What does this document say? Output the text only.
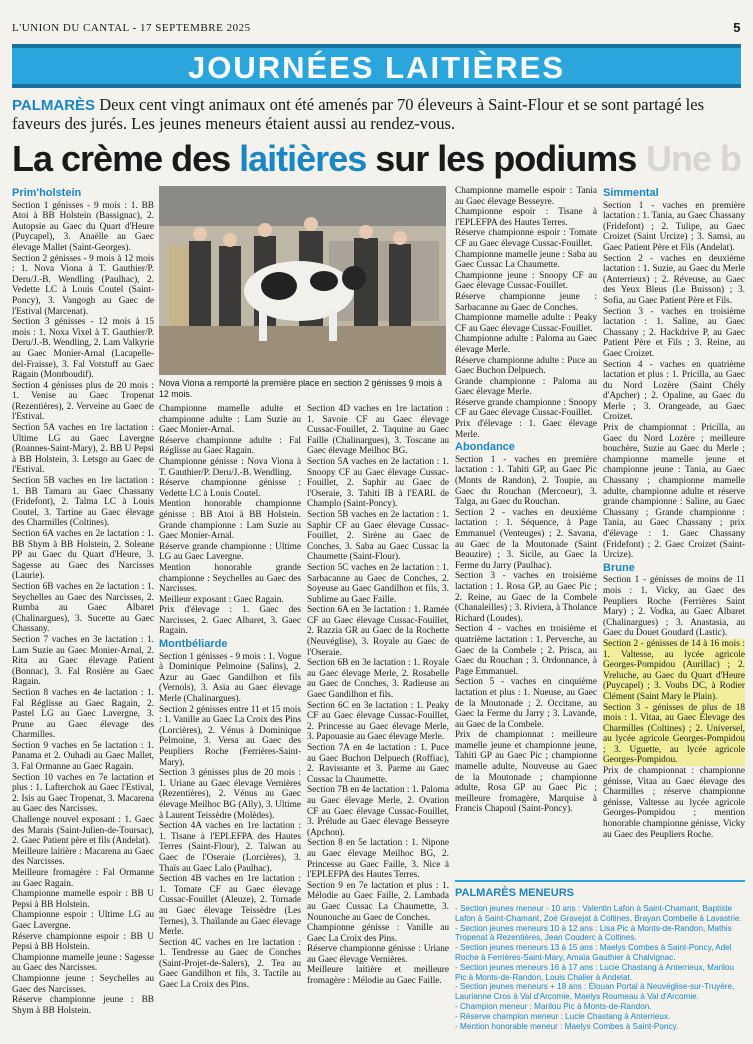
L'UNION DU CANTAL - 17 SEPTEMBRE 2025	5
JOURNÉES LAITIÈRES
PALMARÈS Deux cent vingt animaux ont été amenés par 70 éleveurs à Saint-Flour et se sont partagé les faveurs des jurés. Les jeunes meneurs étaient aussi au rendez-vous.
La crème des laitières sur les podiums Une b
Prim'holstein

Section 1 génisses - 9 mois : 1. BB Atoi à BB Holstein (Bassignac), 2. Autopsie au Gaec du Quart d'Heure (Puycapel), 3. Anaëlle au Gaec élevage Mallet (Saint-Georges).

Section 2 génisses - 9 mois à 12 mois : 1. Nova Viona à T. Gauthier/P. Deru/J.-B. Wendling (Paulhac), 2. Vedette LC à Louis Coutel (Saint-Poncy), 3. Vangogh au Gaec de l'Estival (Marcenat).

Section 3 génisses - 12 mois à 15 mois : 1. Noxa Vixel à T. Gauthier/P. Deru/J.-B. Wendling, 2. Lam Valkyrie au Gaec Monier-Arnal (Lacapelle-del-Fraisse), 3. Fal Votstuff au Gaec Ragain (Montboudif).

Section 4 génisses plus de 20 mois : 1. Venise au Gaec Tropenat (Rezentières), 2. Verveine au Gaec de l'Estival.

Section 5A vaches en 1re lactation : Ultime LG au Gaec Lavergne (Roannes-Saint-Mary), 2. BB U Pepsi à BB Holstein, 3. Letsgo au Gaec de l'Estival.

Section 5B vaches en 1re lactation : 1. BB Tamara au Gaec Chassany (Fridefont), 2. Talma LC à Louis Coutel, 3. Tartine au Gaec élevage des Charmilles (Coltines).

Section 6A vaches en 2e lactation : 1. BB Shym à BB Holstein, 2. Soleane PP au Gaec du Quart d'Heure, 3. Sagesse au Gaec des Narcisses (Laurie).

Section 6B vaches en 2e lactation : 1. Seychelles au Gaec des Narcisses, 2. Rumba au Gaec Albaret (Chalinargues), 3. Sucette au Gaec Chassany.

Section 7 vaches en 3e lactation : 1. Lam Suzie au Gaec Monier-Arnal, 2. Rita au Gaec élevage Patient (Bonnac), 3. Fal Rosière au Gaec Ragain.

Section 8 vaches en 4e lactation : 1. Fal Réglisse au Gaec Ragain, 2. Pastel LG au Gaec Lavergne, 3. Prune au Gaec élevage des Charmilles.

Section 9 vaches en 5e lactation : 1. Panama et 2. Ouhadi au Gaec Mallet, 3. Fal Ormanne au Gaec Ragain.

Section 10 vaches en 7e lactation et plus : 1. Lafterchok au Gaec l'Estival, 2. Isis au Gaec Tropenat, 3. Macarena au Gaec des Narcisses.

Challenge nouvel exposant : 1. Gaec des Marais (Saint-Julien-de-Toursac), 2. Gaec Patient père et fils (Andelat).

Meilleure laitière : Macarena au Gaec des Narcisses.

Meilleure fromagère : Fal Ormanne au Gaec Ragain.

Championne mamelle espoir : BB U Pepsi à BB Holstein.

Championne espoir : Ultime LG au Gaec Lavergne.

Réserve championne espoir : BB U Pepsi à BB Holstein.

Championne mamelle jeune : Sagesse au Gaec des Narcisses.

Championne jeune : Seychelles au Gaec des Narcisses.

Réserve championne jeune : BB Shym à BB Holstein.

Nova Viona a remporté la première place en section 2 génisses 9 mois à 12 mois.

Championne mamelle adulte et championne adulte : Lam Suzie au Gaec Monier-Arnal.

Réserve championne adulte : Fal Réglisse au Gaec Ragain.

Championne génisse : Nova Viona à T. Gauthier/P. Deru/J.-B. Wendling.

Réserve championne génisse : Vedette LC à Louis Coutel.

Mention honorable championne génisse : BB Atoi à BB Holstein. Grande championne : Lam Suzie au Gaec Monier-Arnal.

Réserve grande championne : Ultime LG au Gaec Lavergne.

Mention honorable grande championne : Seychelles au Gaec des Narcisses.

Meilleur exposant : Gaec Ragain.

Prix d'élevage : 1. Gaec des Narcisses, 2. Gaec Albaret, 3. Gaec Ragain.

Montbéliarde

Section 1 génisses - 9 mois : 1. Vogue à Dominique Pelmoine (Salins), 2. Azur au Gaec Gandilhon et fils (Vernols), 3. Asia au Gaec élevage Merle (Chalinargues).

Section 2 génisses entre 11 et 15 mois : 1. Vanille au Gaec La Croix des Pins (Lorcières), 2. Vénus à Dominique Pelmoine, 3. Versa au Gaec des Peupliers Roche (Ferrières-Saint-Mary).

Section 3 génisses plus de 20 mois : 1. Uriane au Gaec élevage Vernières (Rezentières), 2. Vénus au Gaec élevage Meilhoc BG (Ally), 3. Ultime à Laurent Teissèdre (Molèdes).

Section 4A vaches en 1re lactation : 1. Tisane à l'EPLEFPA des Hautes Terres (Saint-Flour), 2. Taïwan au Gaec de l'Oseraie (Lorcières), 3. Thaïs au Gaec Lalo (Paulhac).

Section 4B vaches en 1re lactation : 1. Tomate CF au Gaec élevage Cussac-Fouillet (Aleuze), 2. Tornade au Gaec élevage Teissèdre (Les Ternes), 3. Thaïlande au Gaec élevage Merle.

Section 4C vaches en 1re lactation : 1. Tendresse au Gaec de Conches (Saint-Projet-de-Salers), 2. Tea au Gaec Gandilhon et fils, 3. Tactile au Gaec La Croix des Pins.

Section 4D vaches en 1re lactation : 1. Savoie CF au Gaec élevage Cussac-Fouillet, 2. Taquine au Gaec Faille (Chalinargues), 3. Toscane au Gaec élevage Meilhoc BG.

Section 5A vaches en 2e lactation : 1. Snoopy CF au Gaec élevage Cussac-Fouillet, 2. Saphir au Gaec de l'Oseraie, 3. Tahiti IB à l'EARL de Champlo (Saint-Poncy).

Section 5B vaches en 2e lactation : 1. Saphir CF au Gaec élevage Cussac-Fouillet, 2. Sirène au Gaec de Conches, 3. Saba au Gaec Cussac la Chaumette (Saint-Flour).

Section 5C vaches en 2e lactation : 1. Sarbacanne au Gaec de Conches, 2. Soyeuse au Gaec Gandilhon et fils, 3. Sublime au Gaec Faille.

Section 6A en 3e lactation : 1. Ramée CF au Gaec élevage Cussac-Fouillet, 2. Razzia GR au Gaec de la Rochette (Neuvéglise), 3. Royale au Gaec de l'Oseraie.

Section 6B en 3e lactation : 1. Royale au Gaec élevage Merle, 2. Rosabelle au Gaec de Conches, 3. Radieuse au Gaec Gandilhon et fils.

Section 6C en 3e lactation : 1. Peaky CF au Gaec élevage Cussac-Fouillet, 2. Princesse au Gaec élevage Merle, 3. Papouasie au Gaec élevage Merle.

Section 7A en 4e lactation : 1. Puce au Gaec Buchon Delpuech (Roffiac), 2. Ravissante et 3. Parme au Gaec Cussac la Chaumette.

Section 7B en 4e lactation : 1. Paloma au Gaec élevage Merle, 2. Ovation CF au Gaec élevage Cussac-Fouillet, 3. Prélude au Gaec élevage Besseyre (Apchon).

Section 8 en 5e lactation : 1. Nipone au Gaec élevage Meilhoc BG, 2. Princesse au Gaec Faille, 3. Nice à l'EPLEFPA des Hautes Terres.

Section 9 en 7e lactation et plus : 1. Mélodie au Gaec Faille, 2. Lambada au Gaec Cussac La Chaumette, 3. Nounouche au Gaec de Conches.

Championne génisse : Vanille au Gaec La Croix des Pins.

Réserve championne génisse : Uriane au Gaec élevage Vernières.

Meilleure laitière et meilleure fromagère : Mélodie au Gaec Faille.

Championne mamelle espoir : Tania au Gaec élevage Besseyre.

Championne espoir : Tisane à l'EPLEFPA des Hautes Terres.

Réserve championne espoir : Tomate CF au Gaec élevage Cussac-Fouillet.

Championne mamelle jeune : Saba au Gaec Cussac La Chaumette.

Championne jeune : Snoopy CF au Gaec élevage Cussac-Fouillet.

Réserve championne jeune : Sarbacanne au Gaec de Conches.

Championne mamelle adulte : Peaky CF au Gaec élevage Cussac-Fouillet.

Championne adulte : Paloma au Gaec élevage Merle.

Réserve championne adulte : Puce au Gaec Buchon Delpuech.

Grande championne : Paloma au Gaec élevage Merle.

Réserve grande championne : Snoopy CF au Gaec élevage Cussac-Fouillet.

Prix d'élevage : 1. Gaec élevage Merle.

Abondance

Section 1 - vaches en première lactation : 1. Tahiti GP, au Gaec Pic (Monts de Randon), 2. Toupie, au Gaec du Rouchan (Mercoeur), 3. Talga, au Gaec du Rouchan.

Section 2 - vaches en deuxième lactation : 1. Séquence, à Page Emmanuel (Venteuges) ; 2. Savana, au Gaec de la Moutonade (Saint Beauzire) ; 3. Sicile, au Gaec la Ferme du Jarry (Paulhac).

Section 3 - vaches en troisième lactation : 1. Rosa GP, au Gaec Pic ; 2. Reine, au Gaec de la Combele (Chanaleilles) ; 3. Riviera, à Tholance Richard (Loudes).

Section 4 - vaches en troisième et quatrième lactation : 1. Perverche, au Gaec de la Combele ; 2. Prisca, au Gaec du Rouchan ; 3. Ordonnance, à Page Emmanuel.

Section 5 - vaches en cinquième lactation et plus : 1. Nueuse, au Gaec de la Moutonade ; 2. Occitane, au Gaec la Ferme du Jarry ; 3. Lavande, au Gaec de la Combele.

Prix de championnat : meilleure mamelle jeune et championne jeune, Tahiti GP au Gaec Pic ; championne mamelle adulte, Nouveuse au Gaec de la Moutonade ; championne adulte, Rosa GP au Gaec Pic ; meilleure fromagère, Marquise à Francis Chapoul (Saint-Poncy).

Simmental

Section 1 - vaches en première lactation : 1. Tania, au Gaec Chassany (Fridefont) ; 2. Tulipe, au Gaec Croizet (Saint Urcize) ; 3. Samsi, au Gaec Patient Père et Fils (Andelat).

Section 2 - vaches en deuxième lactation : 1. Suzie, au Gaec du Merle (Anterrieux) ; 2. Réveuse, au Gaec des Yeux Bleus (Le Buisson) ; 3. Sofia, au Gaec Patient Père et Fils.

Section 3 - vaches en troisième lactation : 1. Saline, au Gaec Chassany ; 2. Hackdrive P, au Gaec Patient Père et Fils ; 3. Reine, au Gaec Croizet.

Section 4 - vaches en quatrième lactation et plus : 1. Pricilla, au Gaec du Nord Lozère (Saint Chély d'Apcher) ; 2. Opaline, au Gaec du Merle ; 3. Orangeade, au Gaec Croizet.

Prix de championnat : Pricilla, au Gaec du Nord Lozère ; meilleure bouchère, Suzie au Gaec du Merle ; championne mamelle jeune et championne jeune : Tania, au Gaec Chassany ; championne mamelle adulte, championne adulte et réserve grande championne : Saline, au Gaec Chassany ; Grande championne : Tania, au Gaec Chassany ; prix d'élevage : 1. Gaec Chassany (Fridefont) ; 2. Gaec Croizet (Saint-Urcize).

Brune

Section 1 - génisses de moins de 11 mois : 1. Vicky, au Gaec des Peupliers Roche (Ferrières Saint Mary) ; 2. Vodka, au Gaec Albaret (Chalinargues) ; 3. Anastasia, au Gaec du Douet Goudard (Lastic).

Section 2 - génisses de 14 à 16 mois : 1. Valtesse, au lycée agricole Georges-Pompidou (Aurillac) ; 2. Vreluche, au Gaec du Quart d'Heure (Puycapel) ; 3. Voubs DC, à Rodier Clément (Saint Mary le Plain).

Section 3 - génisses de plus de 18 mois : 1. Vitaa, au Gaec Élevage des Charmilles (Coltines) ; 2. Universel, au lycée agricole Georges-Pompidou ; 3. Uguette, au lycée agricole Georges-Pompidou.

Prix de championnat : championne génisse, Vitaa au Gaec élevage des Charmilles ; réserve championne génisse, Valtesse au lycée agricole Georges-Pompidou ; mention honorable championne génisse, Vicky au Gaec des Peupliers Roche.

PALMARÈS MENEURS

- Section jeunes meneur - 10 ans : Valentin Lafon à Saint-Chamant, Baptiste Lafon à Saint-Chamant, Zoé Gravejat à Coltines, Brayan Combelle à Lavastrie.

- Section jeunes meneurs 10 à 12 ans : Lisa Pic à Monts-de-Randon, Mathis Tropenat à Rezentières, Jean Couderc à Coltines.

- Section jeunes meneurs 13 à 15 ans : Maelys Combes à Saint-Poncy, Adel Roche à Ferrières-Saint-Mary, Amaïa Gauthier à Chalvignac.

- Section jeunes meneurs 16 à 17 ans : Lucie Chastang à Anterrieux, Marilou Pic à Monts-de-Randon, Louis Chalier à Andelat.

- Section jeunes meneurs + 18 ans : Élouan Portal à Neuvéglise-sur-Truyère, Laurianne Cros à Val d'Arcomie, Maelys Roumeau à Val d'Arcomie.

- Champion meneur : Marilou Pic à Monts-de-Randon.

- Réserve champion meneur : Lucie Chastang à Anterrieux.

- Mention honorable meneur : Maelys Combes à Saint-Poncy.
